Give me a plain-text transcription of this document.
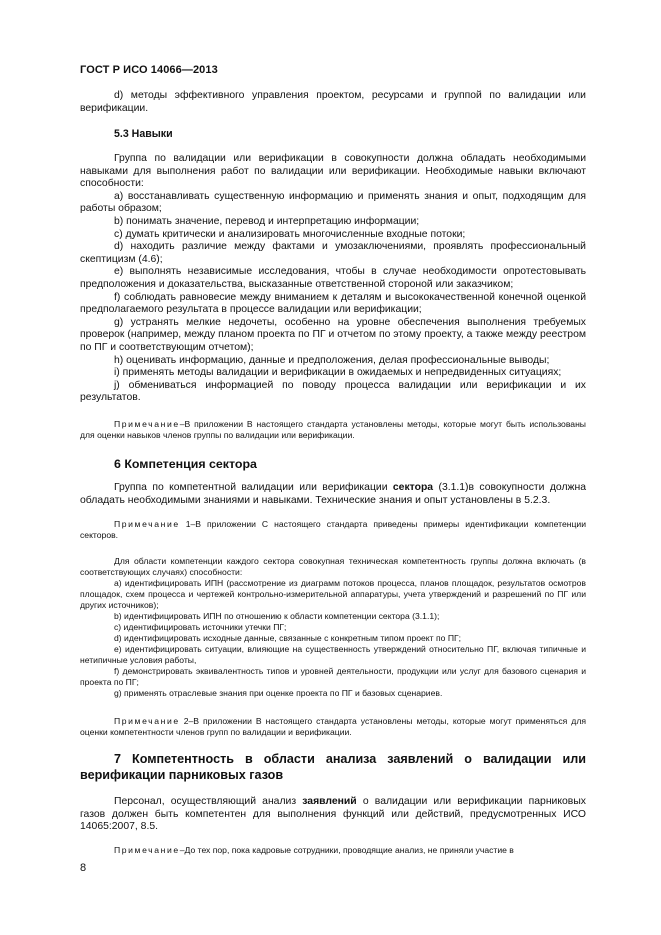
ГОСТ Р ИСО 14066—2013

d) методы эффективного управления проектом, ресурсами и группой по валидации или верификации.

5.3 Навыки

Группа по валидации или верификации в совокупности должна обладать необходимыми навыками для выполнения работ по валидации или верификации. Необходимые навыки включают способности:

a) восстанавливать существенную информацию и применять знания и опыт, подходящим для работы образом;

b) понимать значение, перевод и интерпретацию информации;

c) думать критически и анализировать многочисленные входные потоки;

d) находить различие между фактами и умозаключениями, проявлять профессиональный скептицизм (4.6);

e) выполнять независимые исследования, чтобы в случае необходимости опротестовывать предположения и доказательства, высказанные ответственной стороной или заказчиком;

f) соблюдать равновесие между вниманием к деталям и высококачественной конечной оценкой предполагаемого результата в процессе валидации или верификации;

g) устранять мелкие недочеты, особенно на уровне обеспечения выполнения требуемых проверок (например, между планом проекта по ПГ и отчетом по этому проекту, а также между реестром по ПГ и соответствующим отчетом);

h) оценивать информацию, данные и предположения, делая профессиональные выводы;

i) применять методы валидации и верификации в ожидаемых и непредвиденных ситуациях;

j) обмениваться информацией по поводу процесса валидации или верификации и их результатов.

Примечание–В приложении В настоящего стандарта установлены методы, которые могут быть использованы для оценки навыков членов группы по валидации или верификации.

6 Компетенция сектора

Группа по компетентной валидации или верификации сектора (3.1.1)в совокупности должна обладать необходимыми знаниями и навыками. Технические знания и опыт установлены в 5.2.3.

Примечание 1–В приложении С настоящего стандарта приведены примеры идентификации компетенции секторов.

Для области компетенции каждого сектора совокупная техническая компетентность группы должна включать (в соответствующих случаях) способности:

a) идентифицировать ИПН (рассмотрение из диаграмм потоков процесса, планов площадок, результатов осмотров площадок, схем процесса и чертежей контрольно-измерительной аппаратуры, учета утверждений и разрешений по ПГ или других источников);

b) идентифицировать ИПН по отношению к области компетенции сектора (3.1.1);

c) идентифицировать источники утечки ПГ;

d) идентифицировать исходные данные, связанные с конкретным типом проект по ПГ;

e) идентифицировать ситуации, влияющие на существенность утверждений относительно ПГ, включая типичные и нетипичные условия работы,

f) демонстрировать эквивалентность типов и уровней деятельности, продукции или услуг для базового сценария и проекта по ПГ;

g) применять отраслевые знания при оценке проекта по ПГ и базовых сценариев.

Примечание 2–В приложении В настоящего стандарта установлены методы, которые могут применяться для оценки компетентности членов групп по валидации и верификации.

7 Компетентность в области анализа заявлений о валидации или верификации парниковых газов

Персонал, осуществляющий анализ заявлений о валидации или верификации парниковых газов должен быть компетентен для выполнения функций или действий, предусмотренных ИСО 14065:2007, 8.5.

Примечание–До тех пор, пока кадровые сотрудники, проводящие анализ, не приняли участие в

8
